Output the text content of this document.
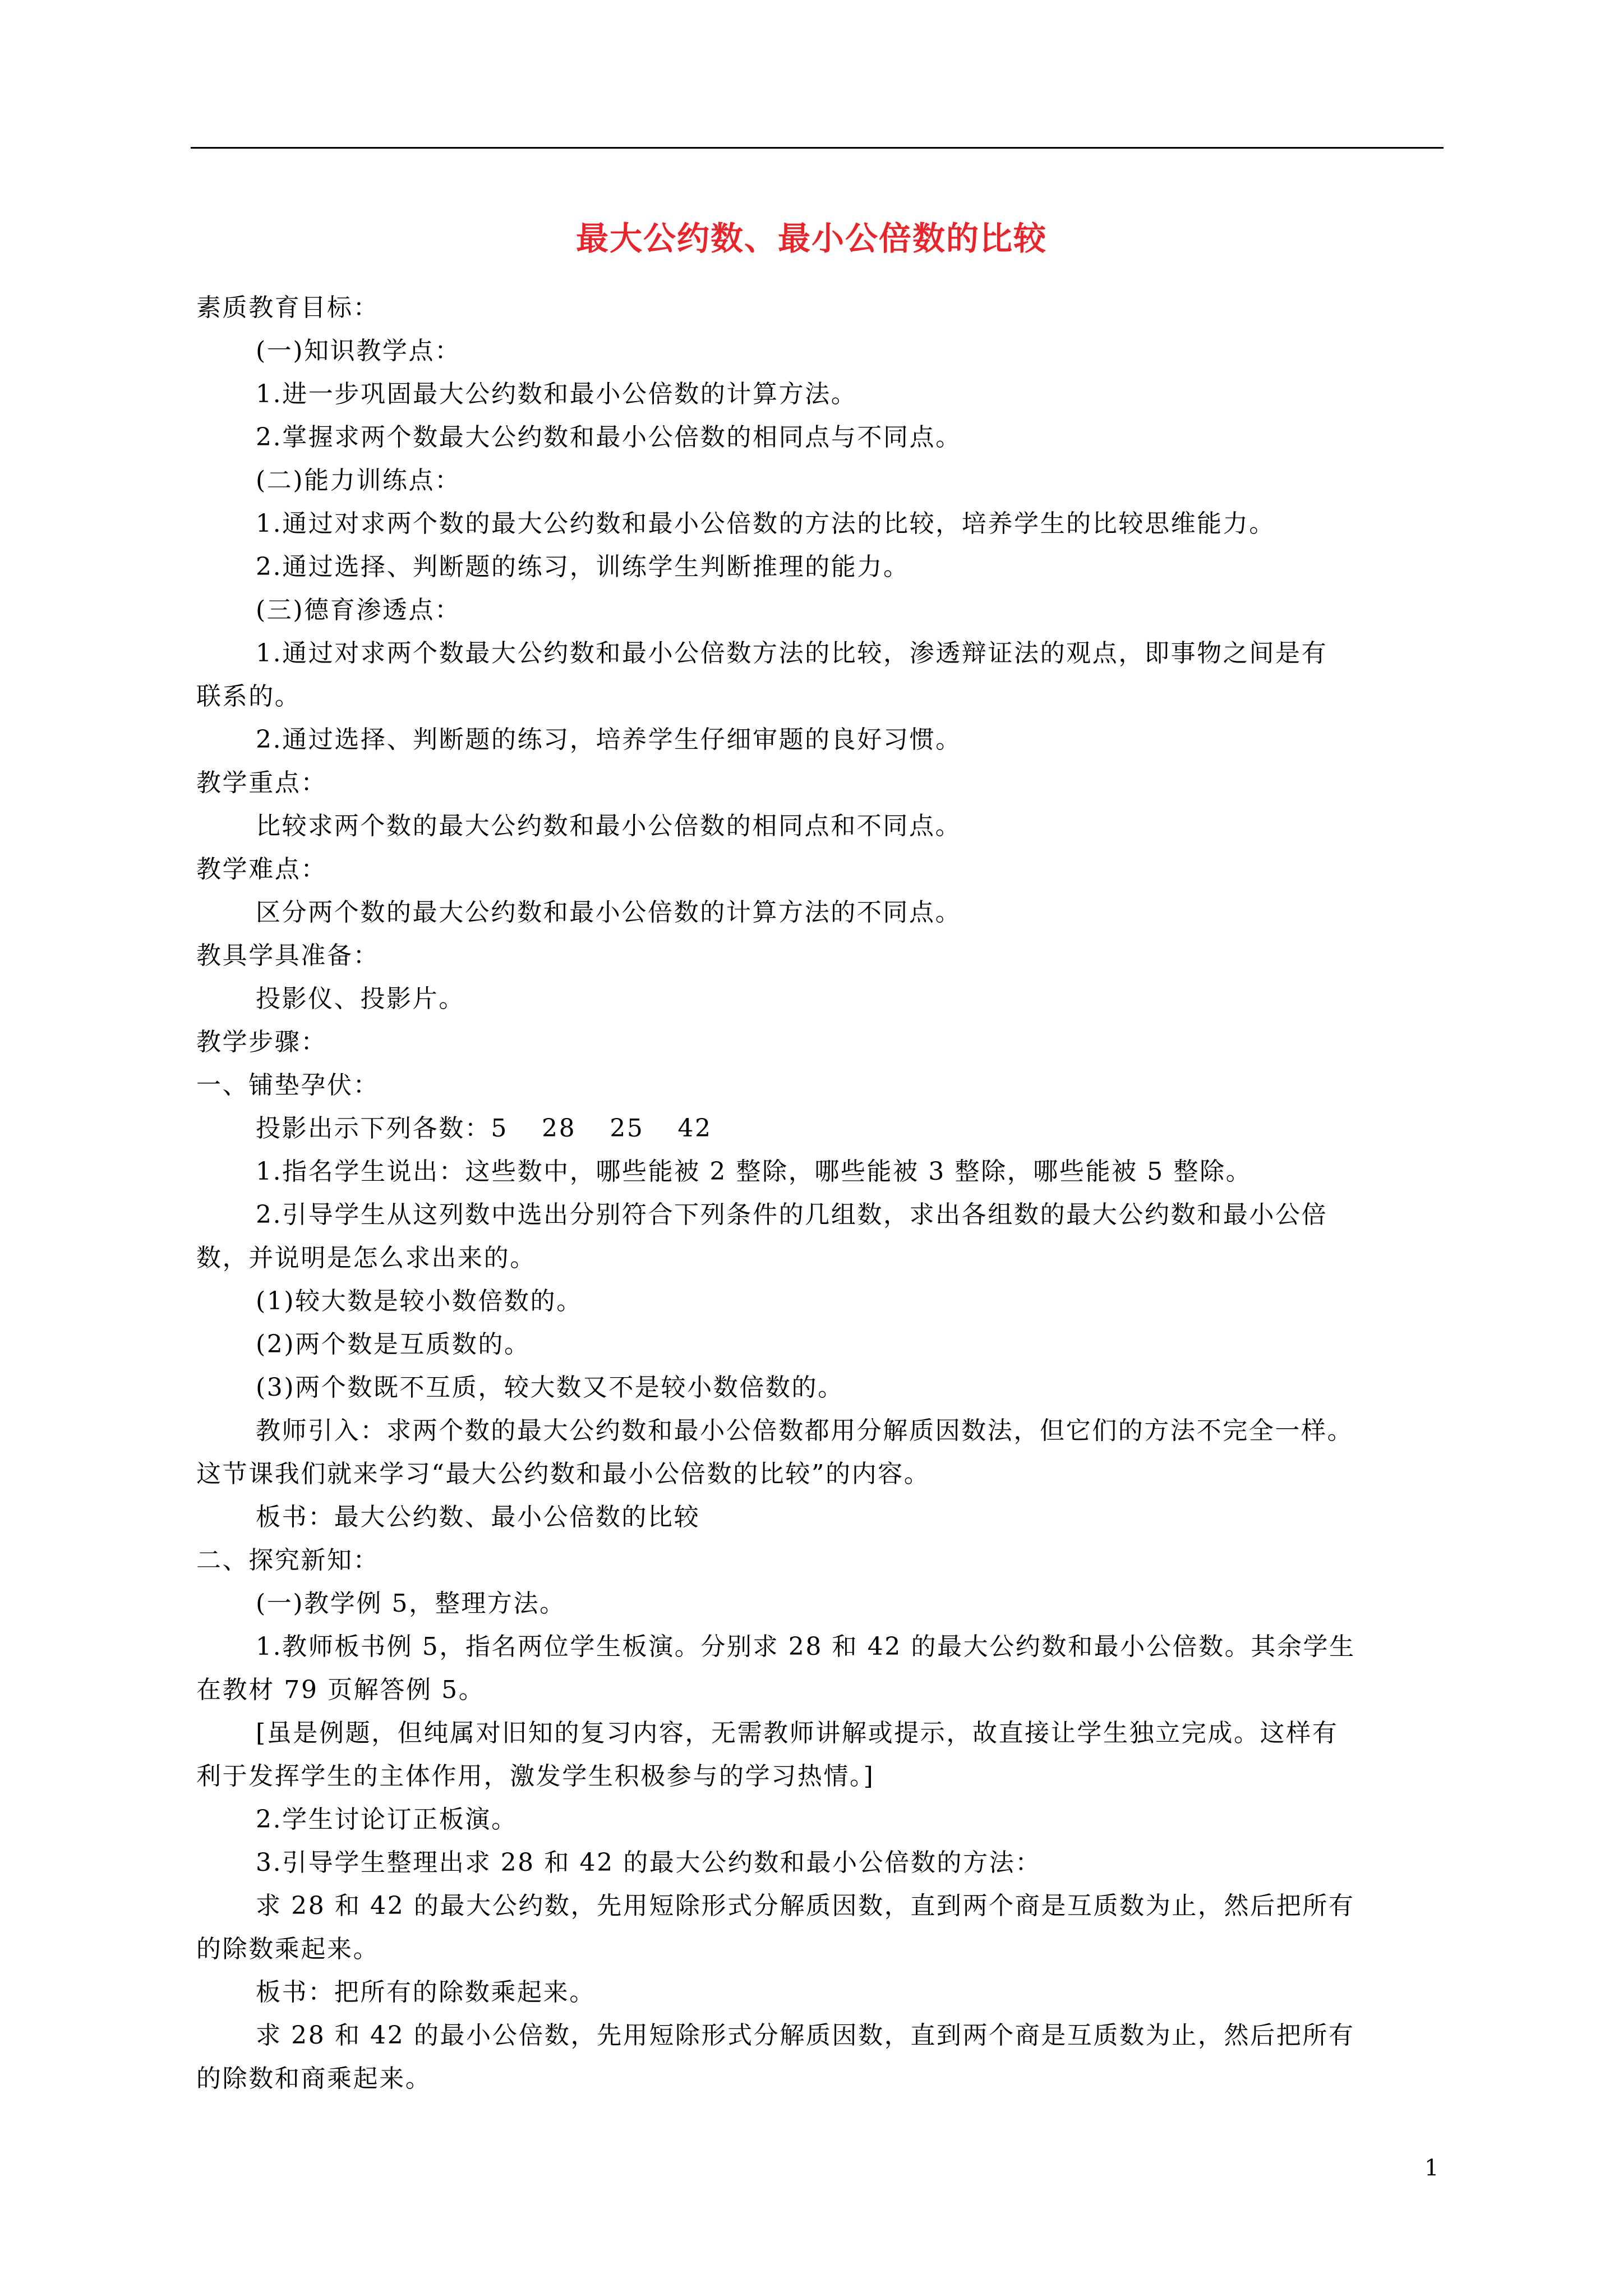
最大公约数、最小公倍数的比较
素质教育目标：
(一)知识教学点：
1.进一步巩固最大公约数和最小公倍数的计算方法。
2.掌握求两个数最大公约数和最小公倍数的相同点与不同点。
(二)能力训练点：
1.通过对求两个数的最大公约数和最小公倍数的方法的比较，培养学生的比较思维能力。
2.通过选择、判断题的练习，训练学生判断推理的能力。
(三)德育渗透点：
1.通过对求两个数最大公约数和最小公倍数方法的比较，渗透辩证法的观点，即事物之间是有
联系的。
2.通过选择、判断题的练习，培养学生仔细审题的良好习惯。
教学重点：
比较求两个数的最大公约数和最小公倍数的相同点和不同点。
教学难点：
区分两个数的最大公约数和最小公倍数的计算方法的不同点。
教具学具准备：
投影仪、投影片。
教学步骤：
一、铺垫孕伏：
投影出示下列各数：5 28 25 42
1.指名学生说出：这些数中，哪些能被 2 整除，哪些能被 3 整除，哪些能被 5 整除。
2.引导学生从这列数中选出分别符合下列条件的几组数，求出各组数的最大公约数和最小公倍
数，并说明是怎么求出来的。
(1)较大数是较小数倍数的。
(2)两个数是互质数的。
(3)两个数既不互质，较大数又不是较小数倍数的。
教师引入：求两个数的最大公约数和最小公倍数都用分解质因数法，但它们的方法不完全一样。
这节课我们就来学习“最大公约数和最小公倍数的比较”的内容。
板书：最大公约数、最小公倍数的比较
二、探究新知：
(一)教学例 5，整理方法。
1.教师板书例 5，指名两位学生板演。分别求 28 和 42 的最大公约数和最小公倍数。其余学生
在教材 79 页解答例 5。
[虽是例题，但纯属对旧知的复习内容，无需教师讲解或提示，故直接让学生独立完成。这样有
利于发挥学生的主体作用，激发学生积极参与的学习热情。]
2.学生讨论订正板演。
3.引导学生整理出求 28 和 42 的最大公约数和最小公倍数的方法：
求 28 和 42 的最大公约数，先用短除形式分解质因数，直到两个商是互质数为止，然后把所有
的除数乘起来。
板书：把所有的除数乘起来。
求 28 和 42 的最小公倍数，先用短除形式分解质因数，直到两个商是互质数为止，然后把所有
的除数和商乘起来。
1
